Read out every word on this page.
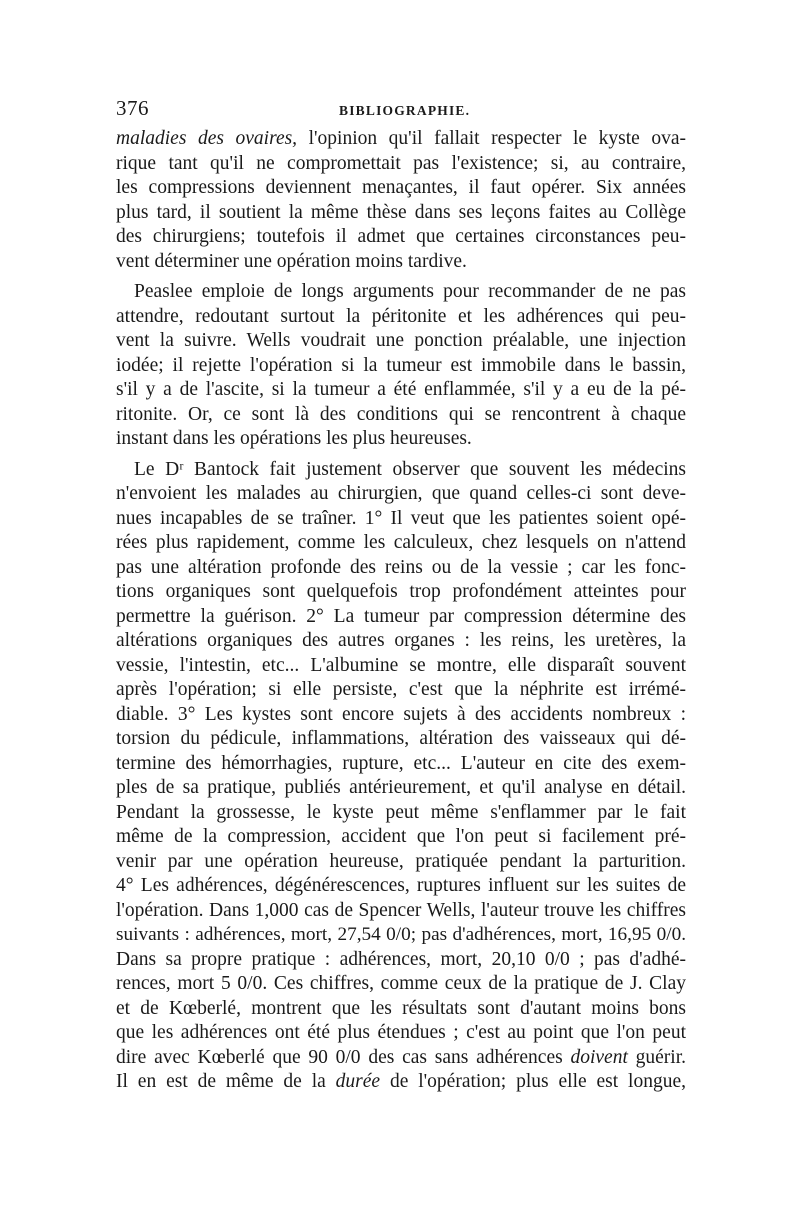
376	BIBLIOGRAPHIE.
maladies des ovaires, l'opinion qu'il fallait respecter le kyste ova-
rique tant qu'il ne compromettait pas l'existence; si, au contraire,
les compressions deviennent menaçantes, il faut opérer. Six années
plus tard, il soutient la même thèse dans ses leçons faites au Collège
des chirurgiens; toutefois il admet que certaines circonstances peu-
vent déterminer une opération moins tardive.
Peaslee emploie de longs arguments pour recommander de ne pas
attendre, redoutant surtout la péritonite et les adhérences qui peu-
vent la suivre. Wells voudrait une ponction préalable, une injection
iodée; il rejette l'opération si la tumeur est immobile dans le bassin,
s'il y a de l'ascite, si la tumeur a été enflammée, s'il y a eu de la pé-
ritonite. Or, ce sont là des conditions qui se rencontrent à chaque
instant dans les opérations les plus heureuses.
Le Dʳ Bantock fait justement observer que souvent les médecins
n'envoient les malades au chirurgien, que quand celles-ci sont deve-
nues incapables de se traîner. 1° Il veut que les patientes soient opé-
rées plus rapidement, comme les calculeux, chez lesquels on n'attend
pas une altération profonde des reins ou de la vessie ; car les fonc-
tions organiques sont quelquefois trop profondément atteintes pour
permettre la guérison. 2° La tumeur par compression détermine des
altérations organiques des autres organes : les reins, les uretères, la
vessie, l'intestin, etc... L'albumine se montre, elle disparaît souvent
après l'opération; si elle persiste, c'est que la néphrite est irrémé-
diable. 3° Les kystes sont encore sujets à des accidents nombreux :
torsion du pédicule, inflammations, altération des vaisseaux qui dé-
termine des hémorrhagies, rupture, etc... L'auteur en cite des exem-
ples de sa pratique, publiés antérieurement, et qu'il analyse en détail.
Pendant la grossesse, le kyste peut même s'enflammer par le fait
même de la compression, accident que l'on peut si facilement pré-
venir par une opération heureuse, pratiquée pendant la parturition.
4° Les adhérences, dégénérescences, ruptures influent sur les suites de
l'opération. Dans 1,000 cas de Spencer Wells, l'auteur trouve les chiffres
suivants : adhérences, mort, 27,54 0/0; pas d'adhérences, mort, 16,95 0/0.
Dans sa propre pratique : adhérences, mort, 20,10 0/0 ; pas d'adhé-
rences, mort 5 0/0. Ces chiffres, comme ceux de la pratique de J. Clay
et de Kœberlé, montrent que les résultats sont d'autant moins bons
que les adhérences ont été plus étendues ; c'est au point que l'on peut
dire avec Kœberlé que 90 0/0 des cas sans adhérences doivent guérir.
Il en est de même de la durée de l'opération; plus elle est longue,
